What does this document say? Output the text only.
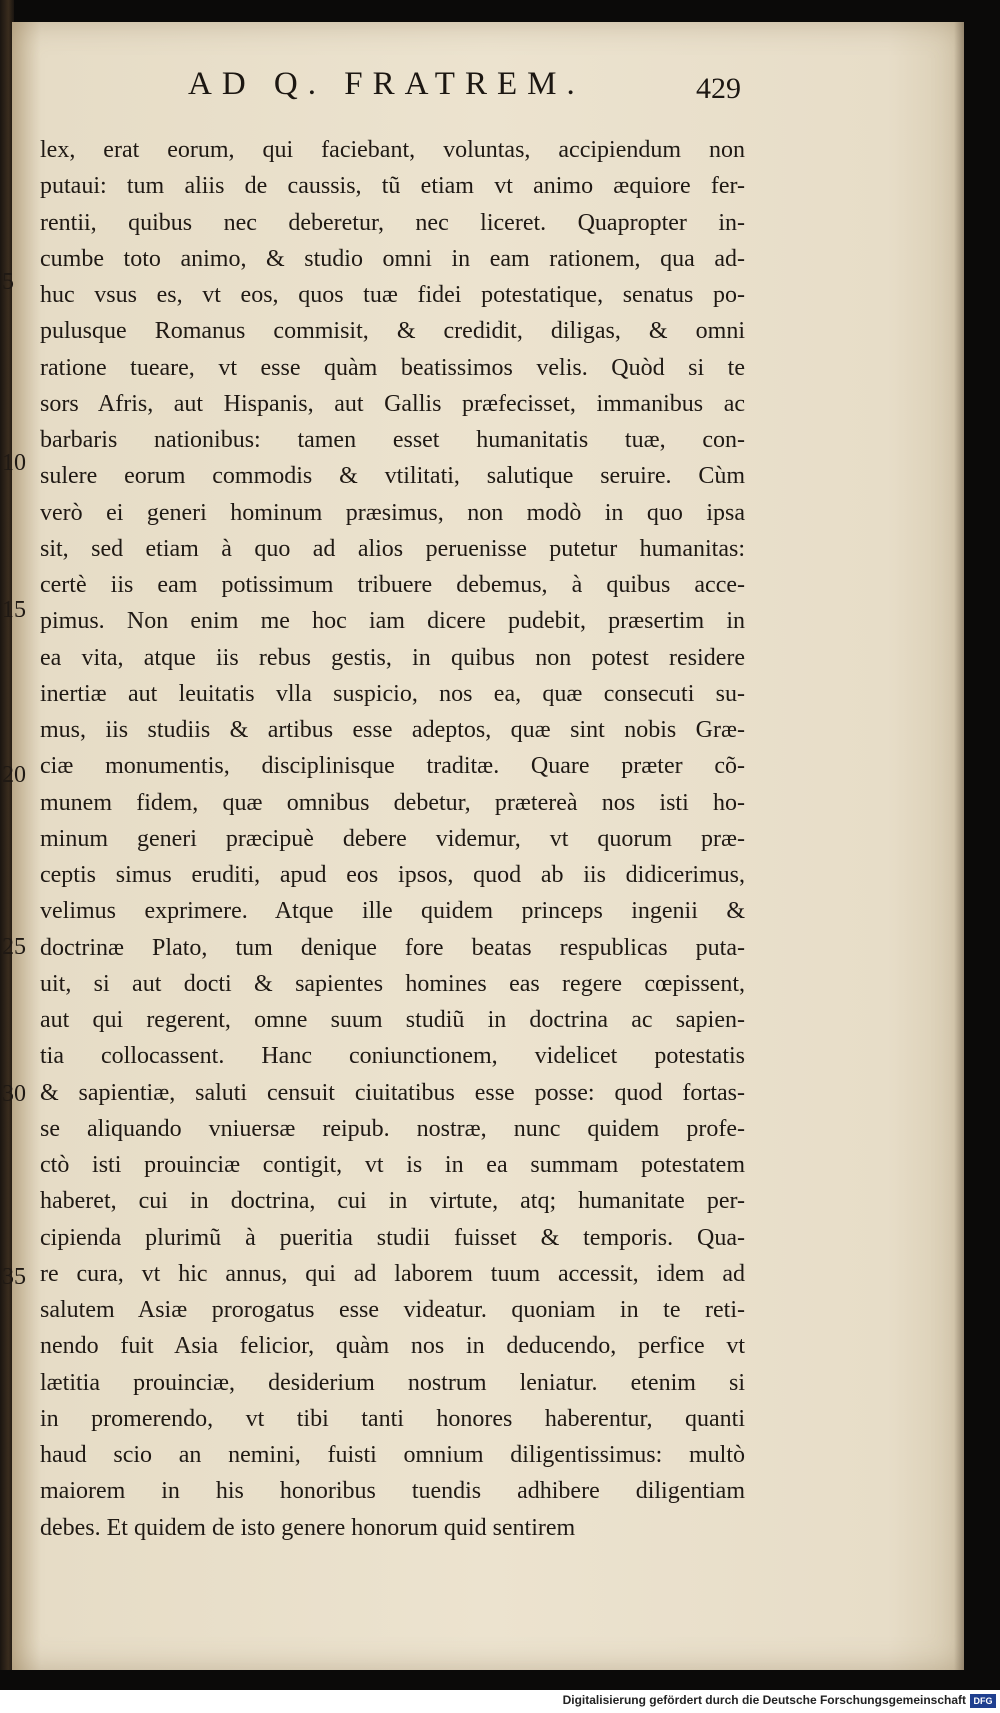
AD Q. FRATREM.	429
lex, erat eorum, qui faciebant, voluntas, accipiendum non
putaui: tum aliis de caussis, tũ etiam vt animo æquiore fer-
rentii, quibus nec deberetur, nec liceret. Quapropter in-
cumbe toto animo, & studio omni in eam rationem, qua ad-
huc vsus es, vt eos, quos tuæ fidei potestatique, senatus po-
pulusque Romanus commisit, & credidit, diligas, & omni
ratione tueare, vt esse quàm beatissimos velis. Quòd si te
sors Afris, aut Hispanis, aut Gallis præfecisset, immanibus ac
barbaris nationibus: tamen esset humanitatis tuæ, con-
sulere eorum commodis & vtilitati, salutique seruire. Cùm
verò ei generi hominum præsimus, non modò in quo ipsa
sit, sed etiam à quo ad alios peruenisse putetur humanitas:
certè iis eam potissimum tribuere debemus, à quibus acce-
pimus. Non enim me hoc iam dicere pudebit, præsertim in
ea vita, atque iis rebus gestis, in quibus non potest residere
inertiæ aut leuitatis vlla suspicio, nos ea, quæ consecuti su-
mus, iis studiis & artibus esse adeptos, quæ sint nobis Græ-
ciæ monumentis, disciplinisque traditæ. Quare præter cõ-
munem fidem, quæ omnibus debetur, prætereà nos isti ho-
minum generi præcipuè debere videmur, vt quorum præ-
ceptis simus eruditi, apud eos ipsos, quod ab iis didicerimus,
velimus exprimere. Atque ille quidem princeps ingenii &
doctrinæ Plato, tum denique fore beatas respublicas puta-
uit, si aut docti & sapientes homines eas regere cœpissent,
aut qui regerent, omne suum studiũ in doctrina ac sapien-
tia collocassent. Hanc coniunctionem, videlicet potestatis
& sapientiæ, saluti censuit ciuitatibus esse posse: quod fortas-
se aliquando vniuersæ reipub. nostræ, nunc quidem profe-
ctò isti prouinciæ contigit, vt is in ea summam potestatem
haberet, cui in doctrina, cui in virtute, atq; humanitate per-
cipienda plurimũ à pueritia studii fuisset & temporis. Qua-
re cura, vt hic annus, qui ad laborem tuum accessit, idem ad
salutem Asiæ prorogatus esse videatur. quoniam in te reti-
nendo fuit Asia felicior, quàm nos in deducendo, perfice vt
lætitia prouinciæ, desiderium nostrum leniatur. etenim si
in promerendo, vt tibi tanti honores haberentur, quanti
haud scio an nemini, fuisti omnium diligentissimus: multò
maiorem in his honoribus tuendis adhibere diligentiam
debes. Et quidem de isto genere honorum quid sentirem
5
10
15
20
25
30
35
Digitalisierung gefördert durch die Deutsche Forschungsgemeinschaft DFG
